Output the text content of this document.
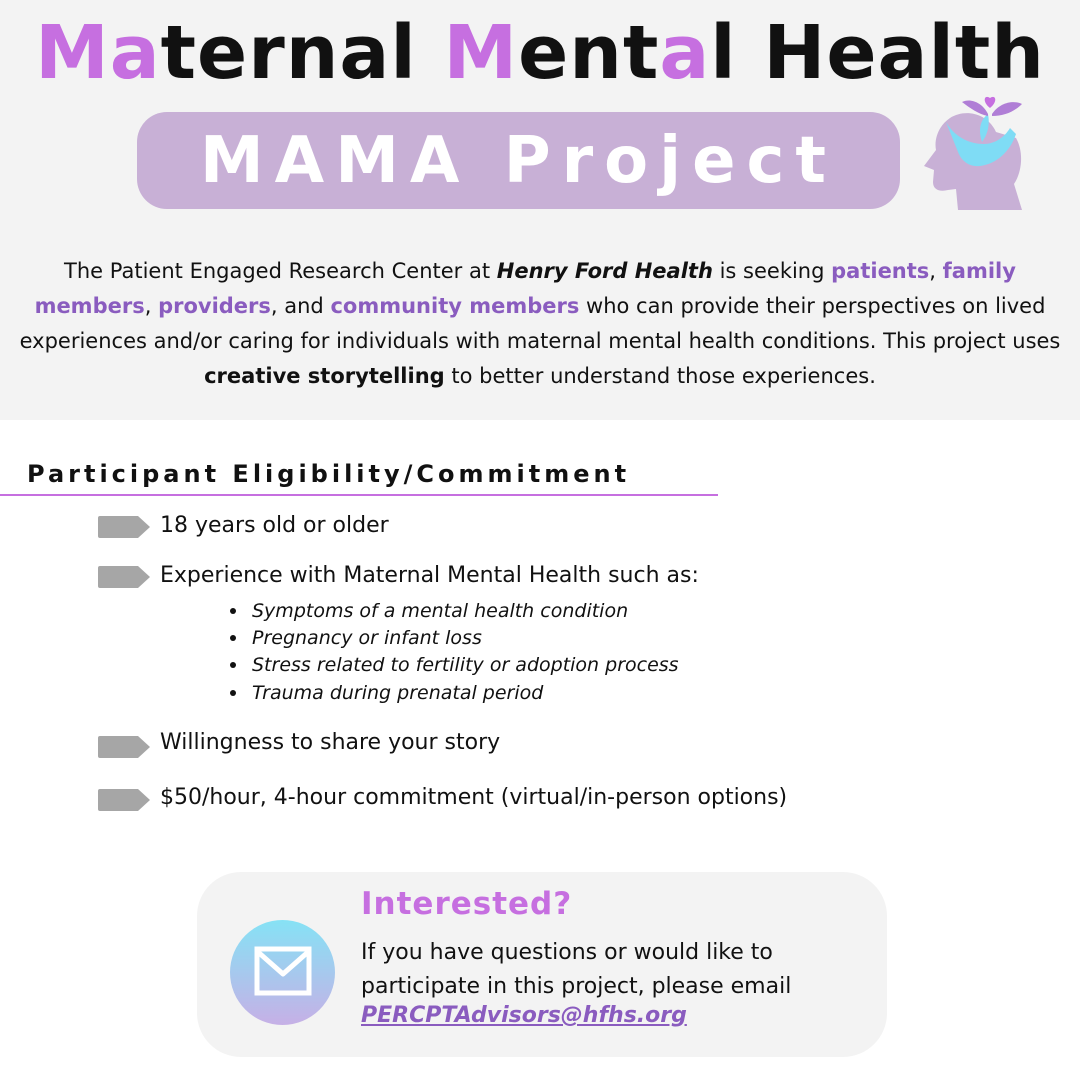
Maternal Mental Health
MAMA Project
The Patient Engaged Research Center at Henry Ford Health is seeking patients, family members, providers, and community members who can provide their perspectives on lived experiences and/or caring for individuals with maternal mental health conditions. This project uses creative storytelling to better understand those experiences.
Participant Eligibility/Commitment
18 years old or older
Experience with Maternal Mental Health such as:
Symptoms of a mental health condition
Pregnancy or infant loss
Stress related to fertility or adoption process
Trauma during prenatal period
Willingness to share your story
$50/hour, 4-hour commitment (virtual/in-person options)
Interested?
If you have questions or would like to participate in this project, please email
PERCPTAdvisors@hfhs.org
